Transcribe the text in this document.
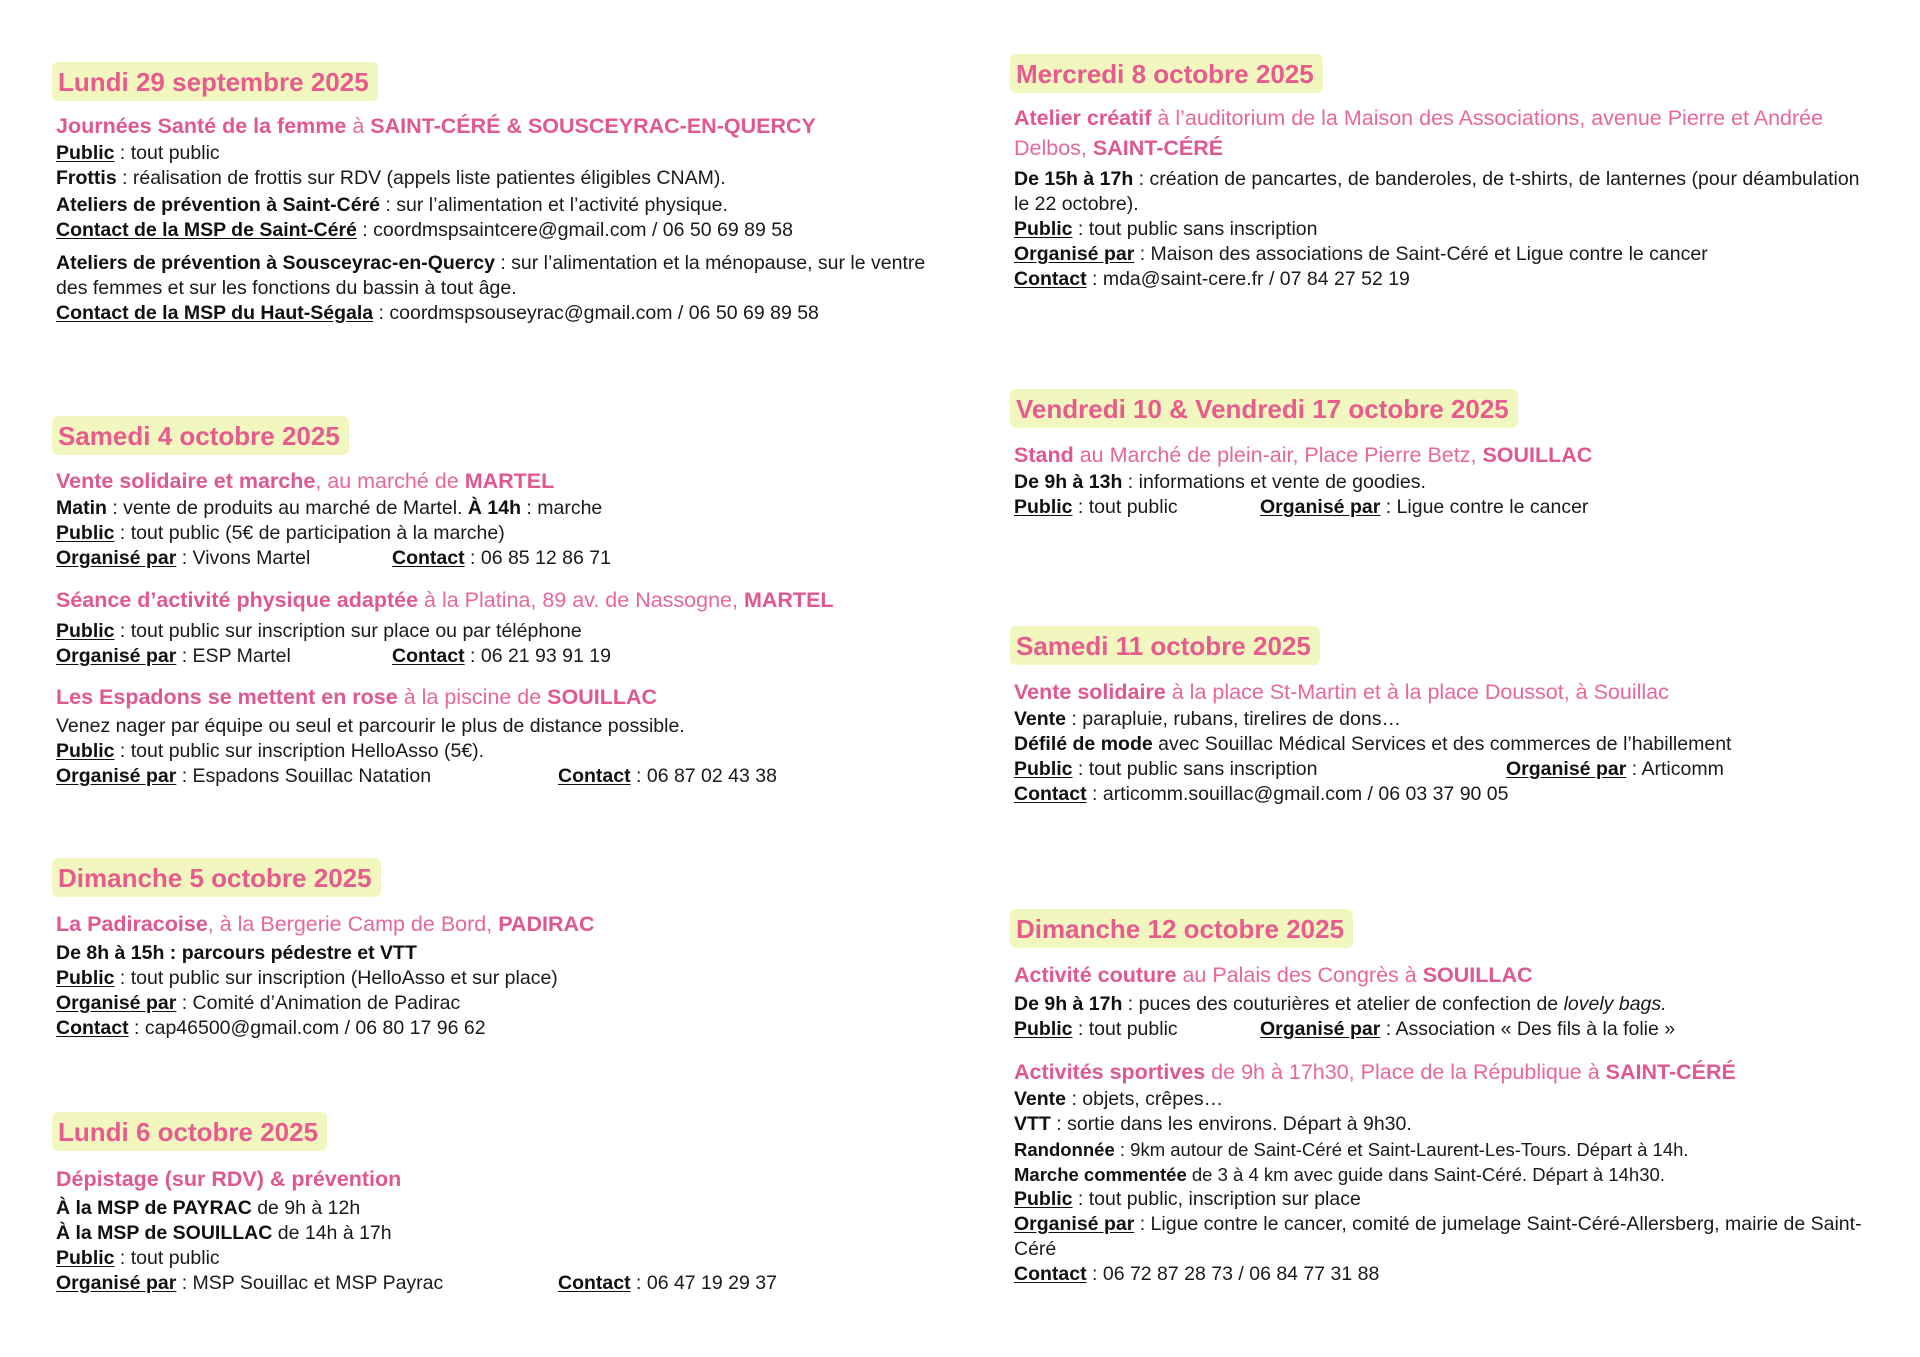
Lundi 29 septembre 2025
Journées Santé de la femme à SAINT-CÉRÉ & SOUSCEYRAC-EN-QUERCY
Public : tout public
Frottis : réalisation de frottis sur RDV (appels liste patientes éligibles CNAM).
Ateliers de prévention à Saint-Céré : sur l’alimentation et l’activité physique.
Contact de la MSP de Saint-Céré : coordmspsaintcere@gmail.com / 06 50 69 89 58
Ateliers de prévention à Sousceyrac-en-Quercy : sur l’alimentation et la ménopause, sur le ventre des femmes et sur les fonctions du bassin à tout âge.
Contact de la MSP du Haut-Ségala : coordmspsouseyrac@gmail.com / 06 50 69 89 58
Samedi 4 octobre 2025
Vente solidaire et marche, au marché de MARTEL
Matin : vente de produits au marché de Martel. À 14h : marche
Public : tout public (5€ de participation à la marche)
Organisé par : Vivons Martel	Contact : 06 85 12 86 71
Séance d’activité physique adaptée à la Platina, 89 av. de Nassogne, MARTEL
Public : tout public sur inscription sur place ou par téléphone
Organisé par : ESP Martel	Contact : 06 21 93 91 19
Les Espadons se mettent en rose à la piscine de SOUILLAC
Venez nager par équipe ou seul et parcourir le plus de distance possible.
Public : tout public sur inscription HelloAsso (5€).
Organisé par : Espadons Souillac Natation	Contact : 06 87 02 43 38
Dimanche 5 octobre 2025
La Padiracoise, à la Bergerie Camp de Bord, PADIRAC
De 8h à 15h : parcours pédestre et VTT
Public : tout public sur inscription (HelloAsso et sur place)
Organisé par : Comité d’Animation de Padirac
Contact : cap46500@gmail.com / 06 80 17 96 62
Lundi 6 octobre 2025
Dépistage (sur RDV) & prévention
À la MSP de PAYRAC de 9h à 12h
À la MSP de SOUILLAC de 14h à 17h
Public : tout public
Organisé par : MSP Souillac et MSP Payrac	Contact : 06 47 19 29 37
Mercredi 8 octobre 2025
Atelier créatif à l’auditorium de la Maison des Associations, avenue Pierre et Andrée Delbos, SAINT-CÉRÉ
De 15h à 17h : création de pancartes, de banderoles, de t-shirts, de lanternes (pour déambulation le 22 octobre).
Public : tout public sans inscription
Organisé par : Maison des associations de Saint-Céré et Ligue contre le cancer
Contact : mda@saint-cere.fr / 07 84 27 52 19
Vendredi 10 & Vendredi 17 octobre 2025
Stand au Marché de plein-air, Place Pierre Betz, SOUILLAC
De 9h à 13h : informations et vente de goodies.
Public : tout public	Organisé par : Ligue contre le cancer
Samedi 11 octobre 2025
Vente solidaire à la place St-Martin et à la place Doussot, à Souillac
Vente : parapluie, rubans, tirelires de dons…
Défilé de mode avec Souillac Médical Services et des commerces de l’habillement
Public : tout public sans inscription	Organisé par : Articomm
Contact : articomm.souillac@gmail.com / 06 03 37 90 05
Dimanche 12 octobre 2025
Activité couture au Palais des Congrès à SOUILLAC
De 9h à 17h : puces des couturières et atelier de confection de lovely bags.
Public : tout public	Organisé par : Association « Des fils à la folie »
Activités sportives de 9h à 17h30, Place de la République à SAINT-CÉRÉ
Vente : objets, crêpes…
VTT : sortie dans les environs. Départ à 9h30.
Randonnée : 9km autour de Saint-Céré et Saint-Laurent-Les-Tours. Départ à 14h.
Marche commentée de 3 à 4 km avec guide dans Saint-Céré. Départ à 14h30.
Public : tout public, inscription sur place
Organisé par : Ligue contre le cancer, comité de jumelage Saint-Céré-Allersberg, mairie de Saint-Céré
Contact : 06 72 87 28 73 / 06 84 77 31 88
